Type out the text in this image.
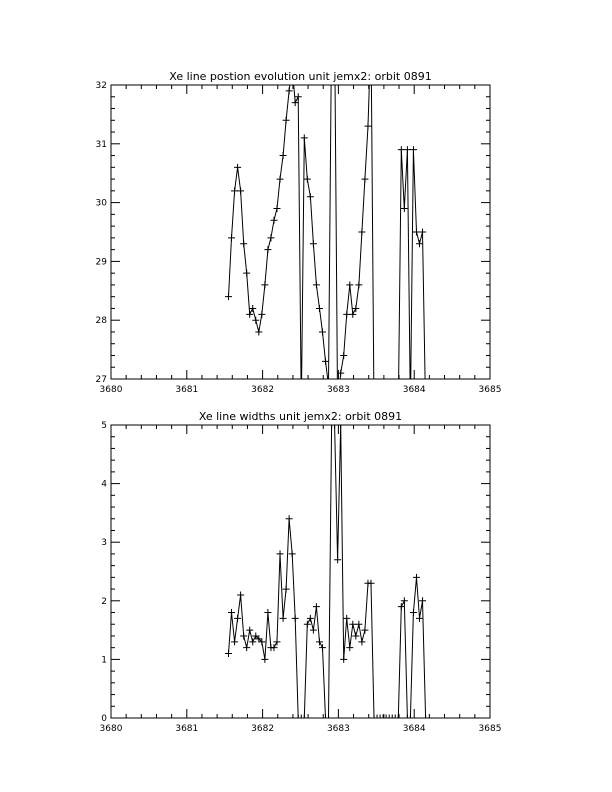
Xe line postion evolution unit jemx2: orbit 0891
3680	3681	3682	3683	3684	3685
27
28
29
30
31
32
Xe line widths unit jemx2: orbit 0891
3680	3681	3682	3683	3684	3685
0
1
2
3
4
5
